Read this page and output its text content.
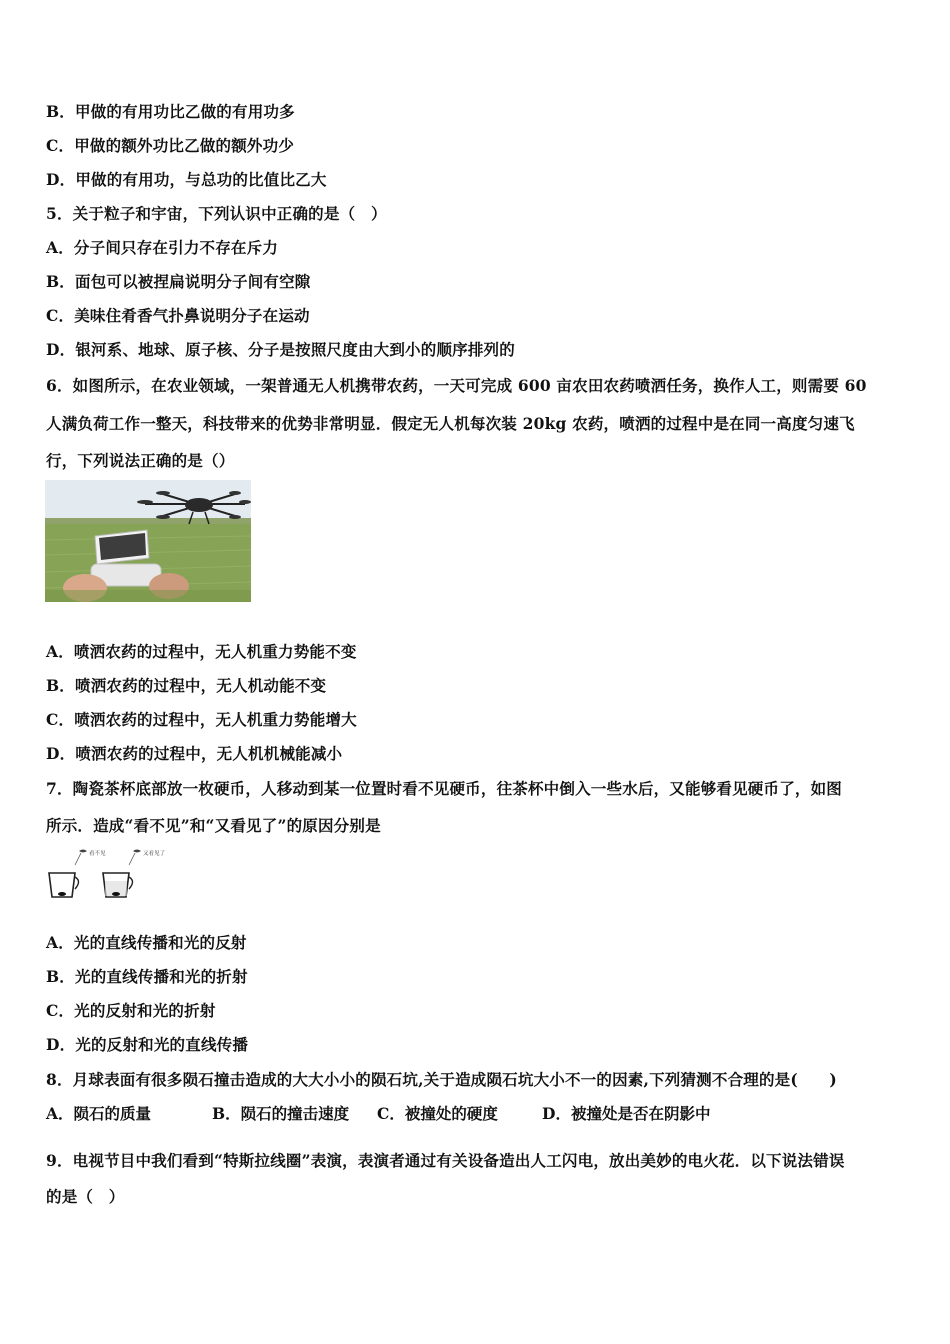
B．甲做的有用功比乙做的有用功多
C．甲做的额外功比乙做的额外功少
D．甲做的有用功，与总功的比值比乙大
5．关于粒子和宇宙，下列认识中正确的是（　）
A．分子间只存在引力不存在斥力
B．面包可以被捏扁说明分子间有空隙
C．美味住肴香气扑鼻说明分子在运动
D．银河系、地球、原子核、分子是按照尺度由大到小的顺序排列的
6．如图所示，在农业领域，一架普通无人机携带农药，一天可完成 600 亩农田农药喷洒任务，换作人工，则需要 60
人满负荷工作一整天，科技带来的优势非常明显．假定无人机每次装 20kg 农药，喷洒的过程中是在同一高度匀速飞
行，下列说法正确的是（）
A．喷洒农药的过程中，无人机重力势能不变
B．喷洒农药的过程中，无人机动能不变
C．喷洒农药的过程中，无人机重力势能增大
D．喷洒农药的过程中，无人机机械能减小
7．陶瓷茶杯底部放一枚硬币，人移动到某一位置时看不见硬币，往茶杯中倒入一些水后，又能够看见硬币了，如图
所示．造成“看不见”和“又看见了”的原因分别是
看不见	又看见了
A．光的直线传播和光的反射
B．光的直线传播和光的折射
C．光的反射和光的折射
D．光的反射和光的直线传播
8．月球表面有很多陨石撞击造成的大大小小的陨石坑,关于造成陨石坑大小不一的因素,下列猜测不合理的是(　　)
A．陨石的质量	B．陨石的撞击速度 C．被撞处的硬度	D．被撞处是否在阴影中
9．电视节目中我们看到“特斯拉线圈”表演，表演者通过有关设备造出人工闪电，放出美妙的电火花．以下说法错误
的是（　）
